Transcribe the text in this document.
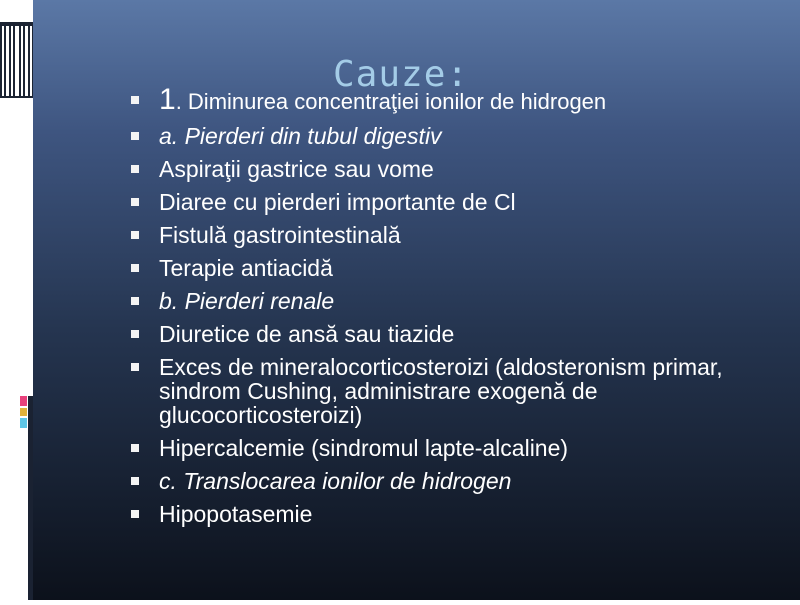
Cauze:
1. Diminurea concentraţiei ionilor de hidrogen
a. Pierderi din tubul digestiv
Aspiraţii gastrice sau vome
Diaree cu pierderi importante de Cl
Fistulă gastrointestinală
Terapie antiacidă
b. Pierderi renale
Diuretice de ansă sau tiazide
Exces de mineralocorticosteroizi (aldosteronism primar, sindrom Cushing, administrare exogenă de glucocorticosteroizi)
Hipercalcemie (sindromul lapte-alcaline)
c. Translocarea ionilor de hidrogen
Hipopotasemie
